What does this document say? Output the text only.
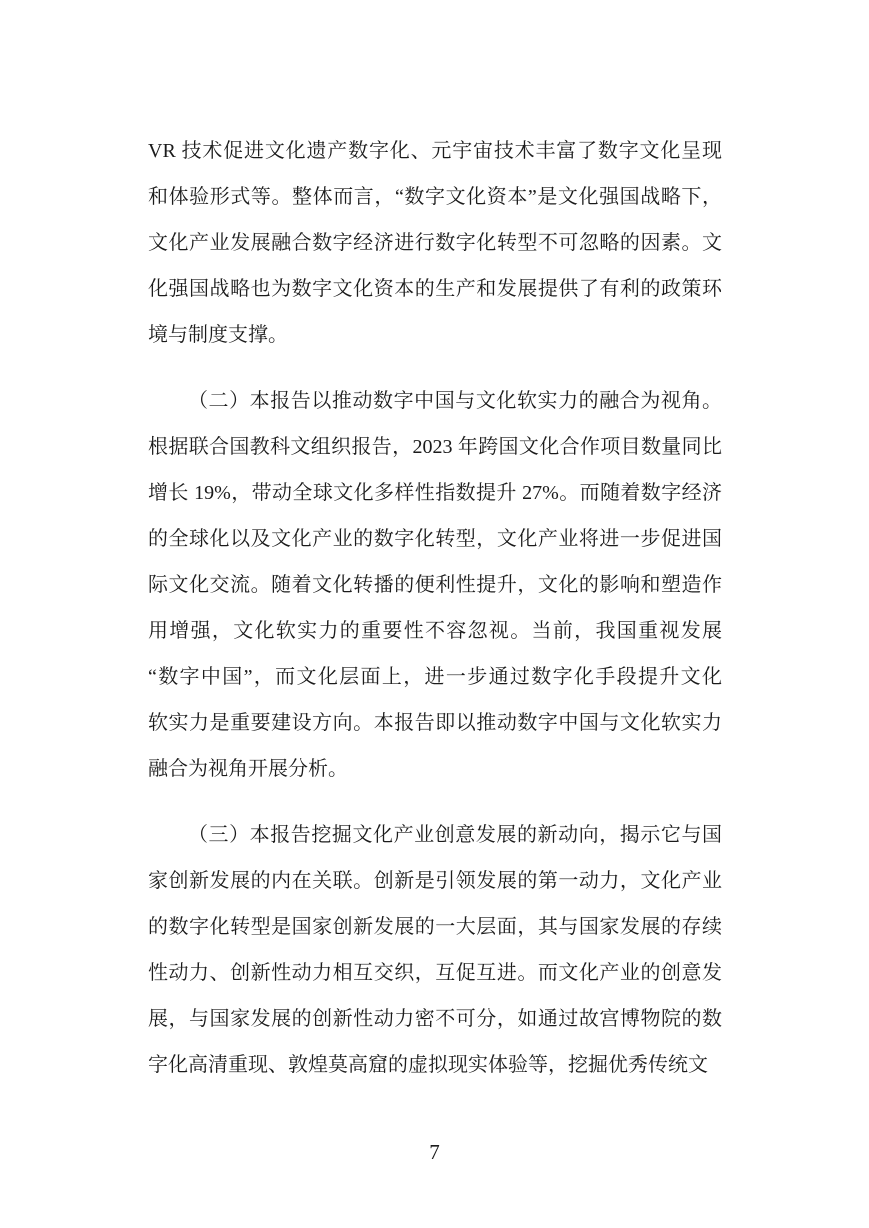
VR 技术促进文化遗产数字化、元宇宙技术丰富了数字文化呈现
和体验形式等。整体而言，“数字文化资本”是文化强国战略下，
文化产业发展融合数字经济进行数字化转型不可忽略的因素。文
化强国战略也为数字文化资本的生产和发展提供了有利的政策环
境与制度支撑。
（二）本报告以推动数字中国与文化软实力的融合为视角。
根据联合国教科文组织报告，2023 年跨国文化合作项目数量同比
增长 19%，带动全球文化多样性指数提升 27%。而随着数字经济
的全球化以及文化产业的数字化转型，文化产业将进一步促进国
际文化交流。随着文化转播的便利性提升，文化的影响和塑造作
用增强，文化软实力的重要性不容忽视。当前，我国重视发展
“数字中国”，而文化层面上，进一步通过数字化手段提升文化
软实力是重要建设方向。本报告即以推动数字中国与文化软实力
融合为视角开展分析。
（三）本报告挖掘文化产业创意发展的新动向，揭示它与国
家创新发展的内在关联。创新是引领发展的第一动力，文化产业
的数字化转型是国家创新发展的一大层面，其与国家发展的存续
性动力、创新性动力相互交织，互促互进。而文化产业的创意发
展，与国家发展的创新性动力密不可分，如通过故宫博物院的数
字化高清重现、敦煌莫高窟的虚拟现实体验等，挖掘优秀传统文
7
